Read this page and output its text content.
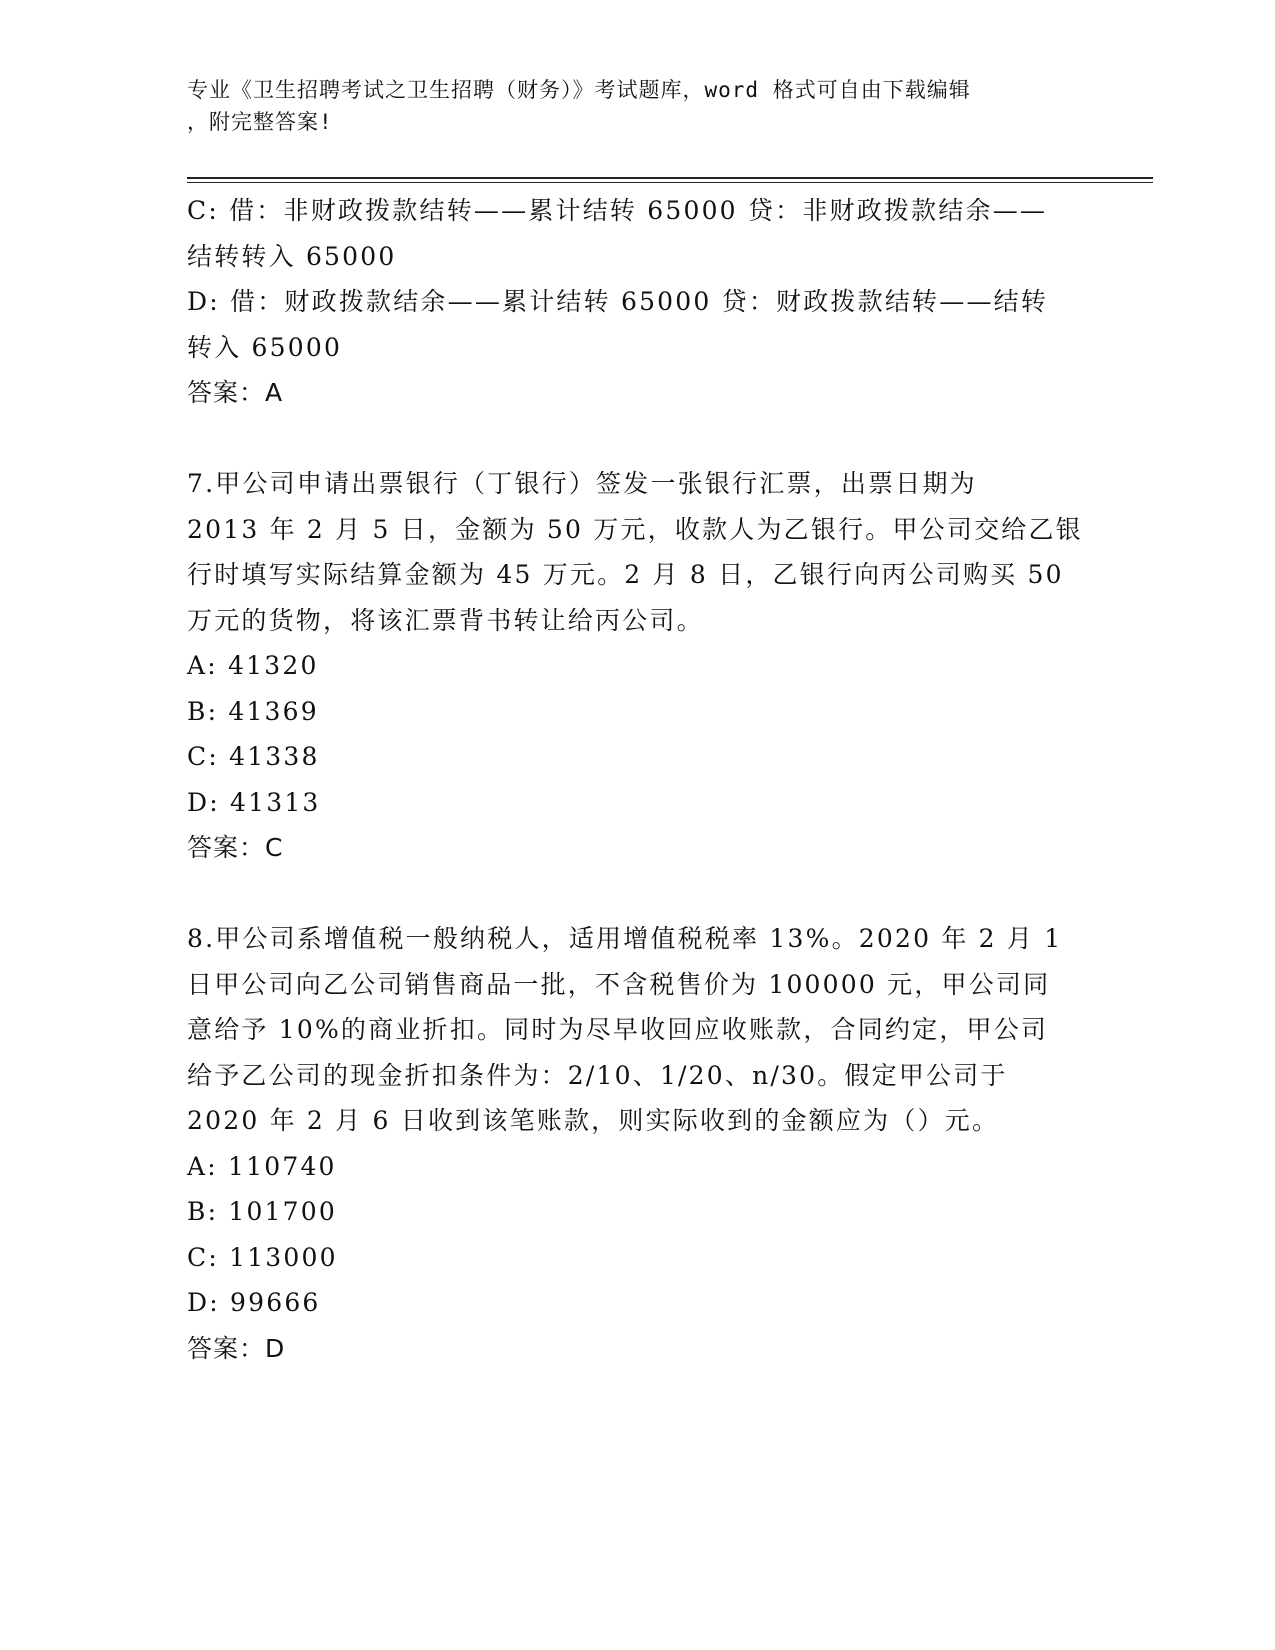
专业《卫生招聘考试之卫生招聘（财务）》考试题库，word 格式可自由下载编辑
，附完整答案!
C: 借：非财政拨款结转——累计结转 65000 贷：非财政拨款结余——
结转转入 65000
D: 借：财政拨款结余——累计结转 65000 贷：财政拨款结转——结转
转入 65000
答案：A
7.甲公司申请出票银行（丁银行）签发一张银行汇票，出票日期为
2013 年 2 月 5 日，金额为 50 万元，收款人为乙银行。甲公司交给乙银
行时填写实际结算金额为 45 万元。2 月 8 日，乙银行向丙公司购买 50
万元的货物，将该汇票背书转让给丙公司。
A: 41320
B: 41369
C: 41338
D: 41313
答案：C
8.甲公司系增值税一般纳税人，适用增值税税率 13%。2020 年 2 月 1
日甲公司向乙公司销售商品一批，不含税售价为 100000 元，甲公司同
意给予 10%的商业折扣。同时为尽早收回应收账款，合同约定，甲公司
给予乙公司的现金折扣条件为：2/10、1/20、n/30。假定甲公司于
2020 年 2 月 6 日收到该笔账款，则实际收到的金额应为（）元。
A: 110740
B: 101700
C: 113000
D: 99666
答案：D
